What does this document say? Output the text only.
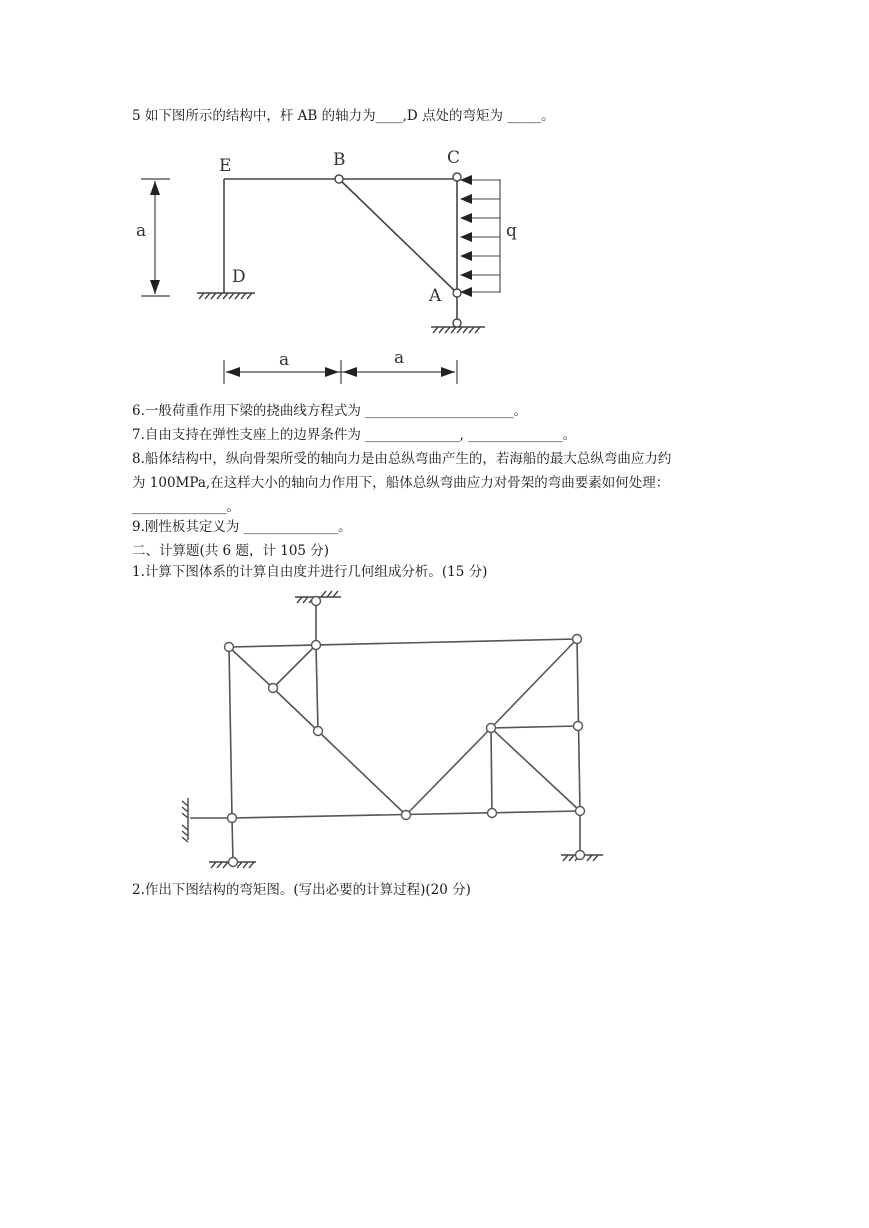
5 如下图所示的结构中，杆 AB 的轴力为____,D 点处的弯矩为 _____。
E	B	C
D
A
q
a
a	a
6.一般荷重作用下梁的挠曲线方程式为 ______________________。
7.自由支持在弹性支座上的边界条件为 ______________, ______________。
8.船体结构中，纵向骨架所受的轴向力是由总纵弯曲产生的，若海船的最大总纵弯曲应力约
为 100MPa,在这样大小的轴向力作用下，船体总纵弯曲应力对骨架的弯曲要素如何处理：
______________。
9.刚性板其定义为 ______________。
二、计算题(共 6 题，计 105 分)
1.计算下图体系的计算自由度并进行几何组成分析。(15 分)
2.作出下图结构的弯矩图。(写出必要的计算过程)(20 分)
